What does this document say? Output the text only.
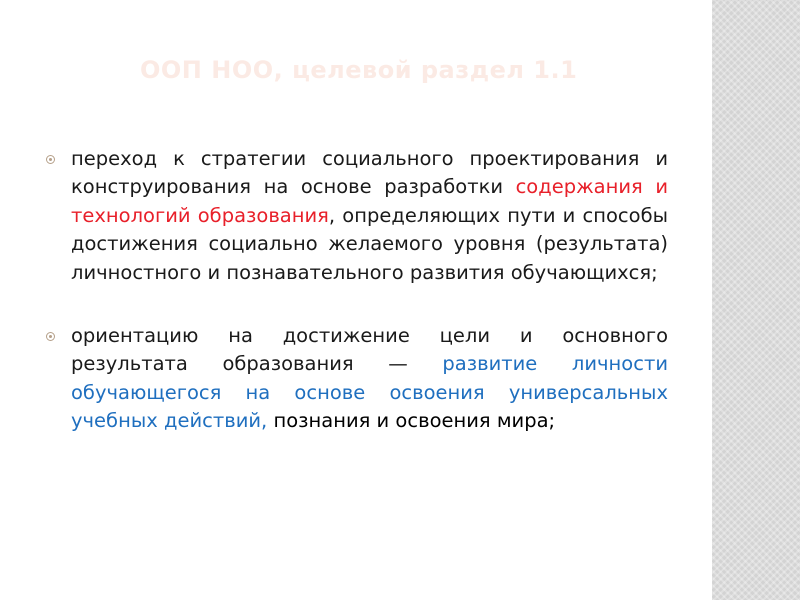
ООП НОО, целевой раздел 1.1
переход к стратегии социального проектирования и конструирования на основе разработки содержания и технологий образования, определяющих пути и способы достижения социально желаемого уровня (результата) личностного и познавательного развития обучающихся;
ориентацию на достижение цели и основного результата образования — развитие личности обучающегося на основе освоения универсальных учебных действий, познания и освоения мира;
